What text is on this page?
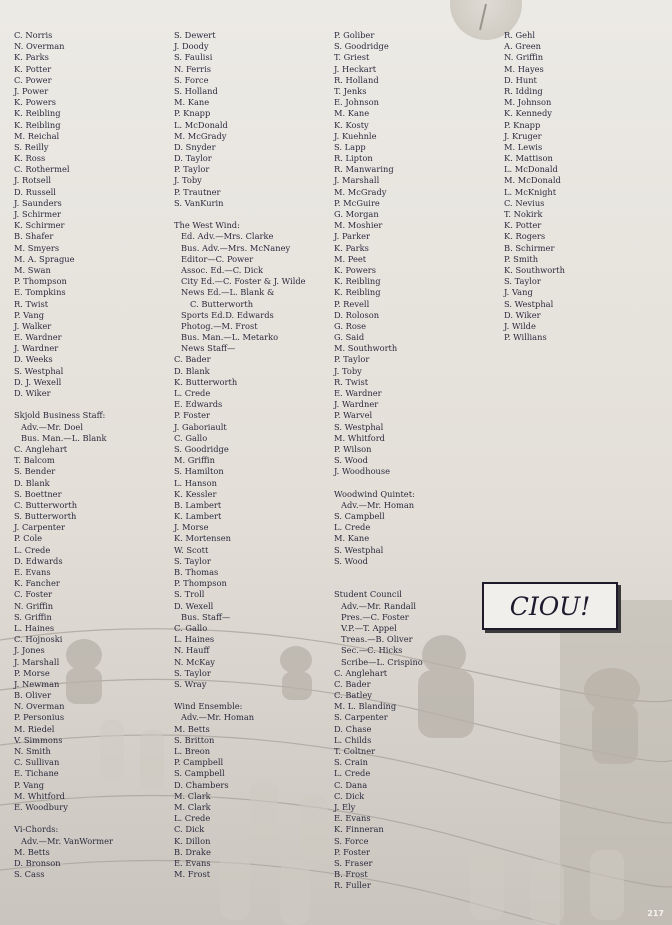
C. Norris
N. Overman
K. Parks
K. Potter
C. Power
J. Power
K. Powers
K. Reibling
K. Reibling
M. Reichal
S. Reilly
K. Ross
C. Rothermel
J. Rotsell
D. Russell
J. Saunders
J. Schirmer
K. Schirmer
B. Shafer
M. Smyers
M. A. Sprague
M. Swan
P. Thompson
E. Tompkins
R. Twist
P. Vang
J. Walker
E. Wardner
J. Wardner
D. Weeks
S. Westphal
D. J. Wexell
D. Wiker
Skjold Business Staff:
Adv.—Mr. Doel
Bus. Man.—L. Blank
C. Anglehart
T. Balcom
S. Bender
D. Blank
S. Boettner
C. Butterworth
S. Butterworth
J. Carpenter
P. Cole
L. Crede
D. Edwards
E. Evans
K. Fancher
C. Foster
N. Griffin
S. Griffin
L. Haines
C. Hojnoski
J. Jones
J. Marshall
P. Morse
J. Newman
B. Oliver
N. Overman
P. Personius
M. Riedel
V. Simmons
N. Smith
C. Sullivan
E. Tichane
P. Vang
M. Whitford
E. Woodbury
Vi-Chords:
Adv.—Mr. VanWormer
M. Betts
D. Bronson
S. Cass
S. Dewert
J. Doody
S. Faulisi
N. Ferris
S. Force
S. Holland
M. Kane
P. Knapp
L. McDonald
M. McGrady
D. Snyder
D. Taylor
P. Taylor
J. Toby
P. Trautner
S. VanKurin
The West Wind:
Ed. Adv.—Mrs. Clarke
Bus. Adv.—Mrs. McNaney
Editor—C. Power
Assoc. Ed.—C. Dick
City Ed.—C. Foster & J. Wilde
News Ed.—L. Blank &
C. Butterworth
Sports Ed.D. Edwards
Photog.—M. Frost
Bus. Man.—L. Metarko
News Staff—
C. Bader
D. Blank
K. Butterworth
L. Crede
E. Edwards
P. Foster
J. Gaboriault
C. Gallo
S. Goodridge
M. Griffin
S. Hamilton
L. Hanson
K. Kessler
B. Lambert
K. Lambert
J. Morse
K. Mortensen
W. Scott
S. Taylor
B. Thomas
P. Thompson
S. Troll
D. Wexell
Bus. Staff—
C. Gallo
L. Haines
N. Hauff
N. McKay
S. Taylor
S. Wray
Wind Ensemble:
Adv.—Mr. Homan
M. Betts
S. Britton
L. Breon
P. Campbell
S. Campbell
D. Chambers
M. Clark
M. Clark
L. Crede
C. Dick
K. Dillon
B. Drake
E. Evans
M. Frost
P. Goliber
S. Goodridge
T. Griest
J. Heckart
R. Holland
T. Jenks
E. Johnson
M. Kane
K. Kosty
J. Kuehnle
S. Lapp
R. Lipton
R. Manwaring
J. Marshall
M. McGrady
P. McGuire
G. Morgan
M. Moshier
J. Parker
K. Parks
M. Peet
K. Powers
K. Reibling
K. Reibling
P. Revell
D. Roloson
G. Rose
G. Said
M. Southworth
P. Taylor
J. Toby
R. Twist
E. Wardner
J. Wardner
P. Warvel
S. Westphal
M. Whitford
P. Wilson
S. Wood
J. Woodhouse
Woodwind Quintet:
Adv.—Mr. Homan
S. Campbell
L. Crede
M. Kane
S. Westphal
S. Wood
Student Council
Adv.—Mr. Randall
Pres.—C. Foster
V.P.—T. Appel
Treas.—B. Oliver
Sec.—C. Hicks
Scribe—L. Crispino
C. Anglehart
C. Bader
C. Batley
M. L. Blanding
S. Carpenter
D. Chase
L. Childs
T. Coltner
S. Crain
L. Crede
C. Dana
C. Dick
J. Ely
E. Evans
K. Finneran
S. Force
P. Foster
S. Fraser
B. Frost
R. Fuller
R. Gehl
A. Green
N. Griffin
M. Hayes
D. Hunt
R. Idding
M. Johnson
K. Kennedy
P. Knapp
J. Kruger
M. Lewis
K. Mattison
L. McDonald
M. McDonald
L. McKnight
C. Nevius
T. Nokirk
K. Potter
K. Rogers
B. Schirmer
P. Smith
K. Southworth
S. Taylor
J. Vang
S. Westphal
D. Wiker
J. Wilde
P. Willians
CIOU!
217
